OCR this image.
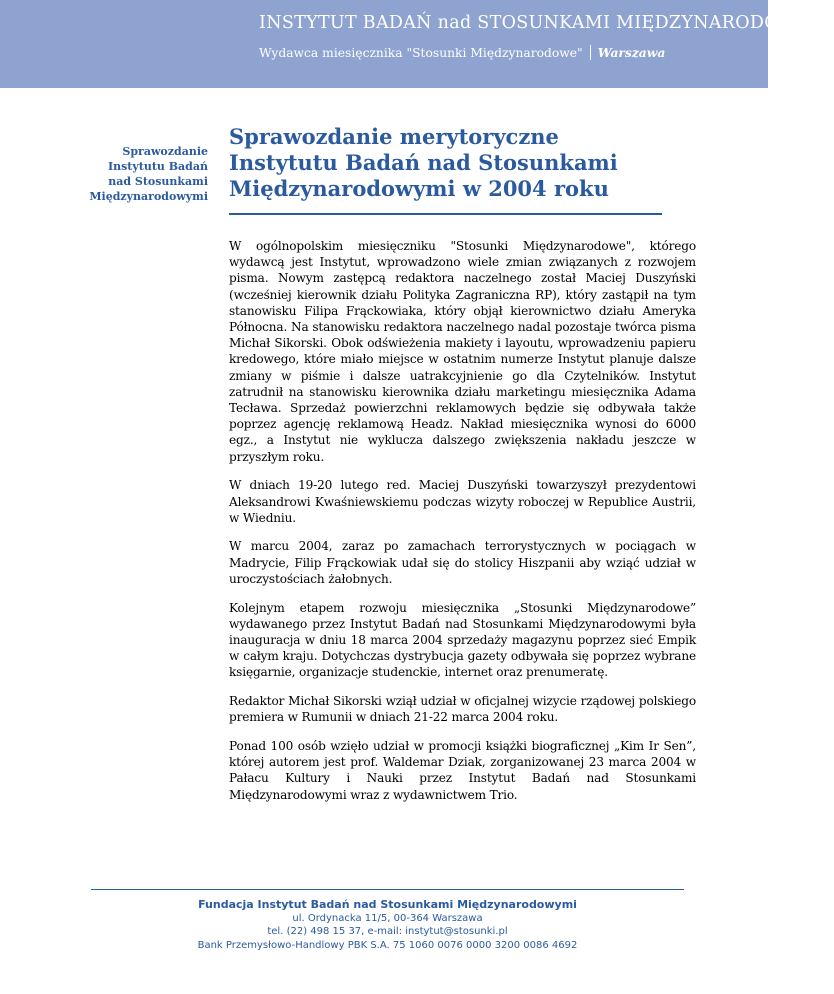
INSTYTUT BADAŃ nad STOSUNKAMI MIĘDZYNARODOWYMI
Wydawca miesięcznika "Stosunki Międzynarodowe" Warszawa
Sprawozdanie
Instytutu Badań
nad Stosunkami
Międzynarodowymi
Sprawozdanie merytoryczne
Instytutu Badań nad Stosunkami
Międzynarodowymi w 2004 roku

W ogólnopolskim miesięczniku "Stosunki Międzynarodowe", którego wydawcą jest Instytut, wprowadzono wiele zmian związanych z rozwojem pisma. Nowym zastępcą redaktora naczelnego został Maciej Duszyński (wcześniej kierownik działu Polityka Zagraniczna RP), który zastąpił na tym stanowisku Filipa Frąckowiaka, który objął kierownictwo działu Ameryka Północna. Na stanowisku redaktora naczelnego nadal pozostaje twórca pisma Michał Sikorski. Obok odświeżenia makiety i layoutu, wprowadzeniu papieru kredowego, które miało miejsce w ostatnim numerze Instytut planuje dalsze zmiany w piśmie i dalsze uatrakcyjnienie go dla Czytelników. Instytut zatrudnił na stanowisku kierownika działu marketingu miesięcznika Adama Tecława. Sprzedaż powierzchni reklamowych będzie się odbywała także poprzez agencję reklamową Headz. Nakład miesięcznika wynosi do 6000 egz., a Instytut nie wyklucza dalszego zwiększenia nakładu jeszcze w przyszłym roku.

W dniach 19-20 lutego red. Maciej Duszyński towarzyszył prezydentowi Aleksandrowi Kwaśniewskiemu podczas wizyty roboczej w Republice Austrii, w Wiedniu.

W marcu 2004, zaraz po zamachach terrorystycznych w pociągach w Madrycie, Filip Frąckowiak udał się do stolicy Hiszpanii aby wziąć udział w uroczystościach żałobnych.

Kolejnym etapem rozwoju miesięcznika „Stosunki Międzynarodowe” wydawanego przez Instytut Badań nad Stosunkami Międzynarodowymi była inauguracja w dniu 18 marca 2004 sprzedaży magazynu poprzez sieć Empik w całym kraju. Dotychczas dystrybucja gazety odbywała się poprzez wybrane księgarnie, organizacje studenckie, internet oraz prenumeratę.

Redaktor Michał Sikorski wziął udział w oficjalnej wizycie rządowej polskiego premiera w Rumunii w dniach 21-22 marca 2004 roku.

Ponad 100 osób wzięło udział w promocji książki biograficznej „Kim Ir Sen”, której autorem jest prof. Waldemar Dziak, zorganizowanej 23 marca 2004 w Pałacu Kultury i Nauki przez Instytut Badań nad Stosunkami Międzynarodowymi wraz z wydawnictwem Trio.

Fundacja Instytut Badań nad Stosunkami Międzynarodowymi
ul. Ordynacka 11/5, 00-364 Warszawa
tel. (22) 498 15 37, e-mail: instytut@stosunki.pl
Bank Przemysłowo-Handlowy PBK S.A. 75 1060 0076 0000 3200 0086 4692
